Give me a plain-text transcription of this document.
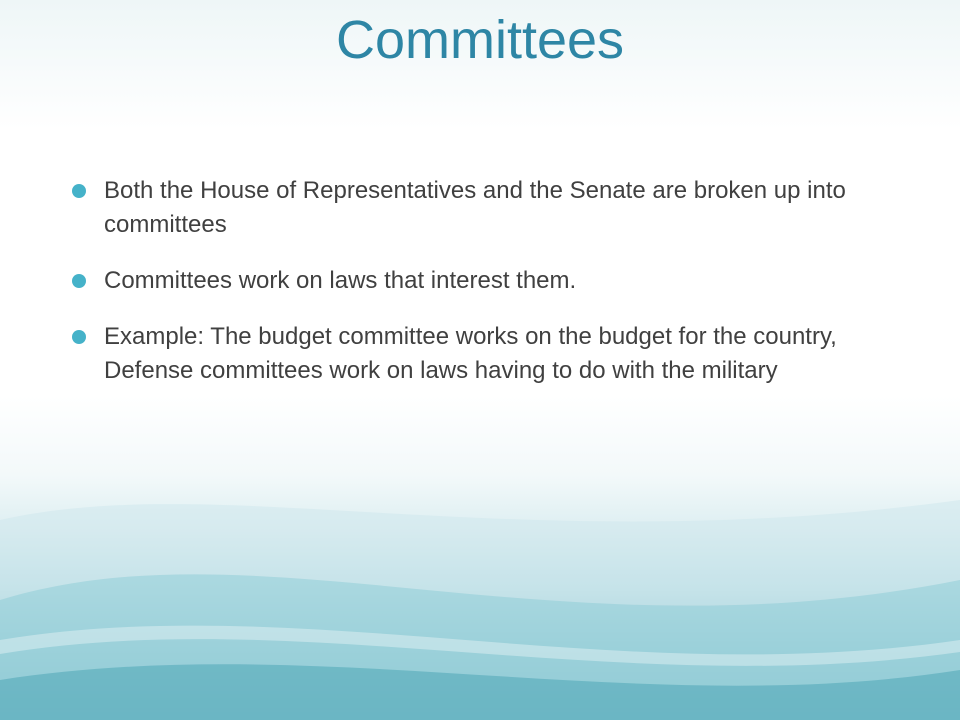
Committees
Both the House of Representatives and the Senate are broken up into committees
Committees work on laws that interest them.
Example: The budget committee works on the budget for the country, Defense committees work on laws having to do with the military
